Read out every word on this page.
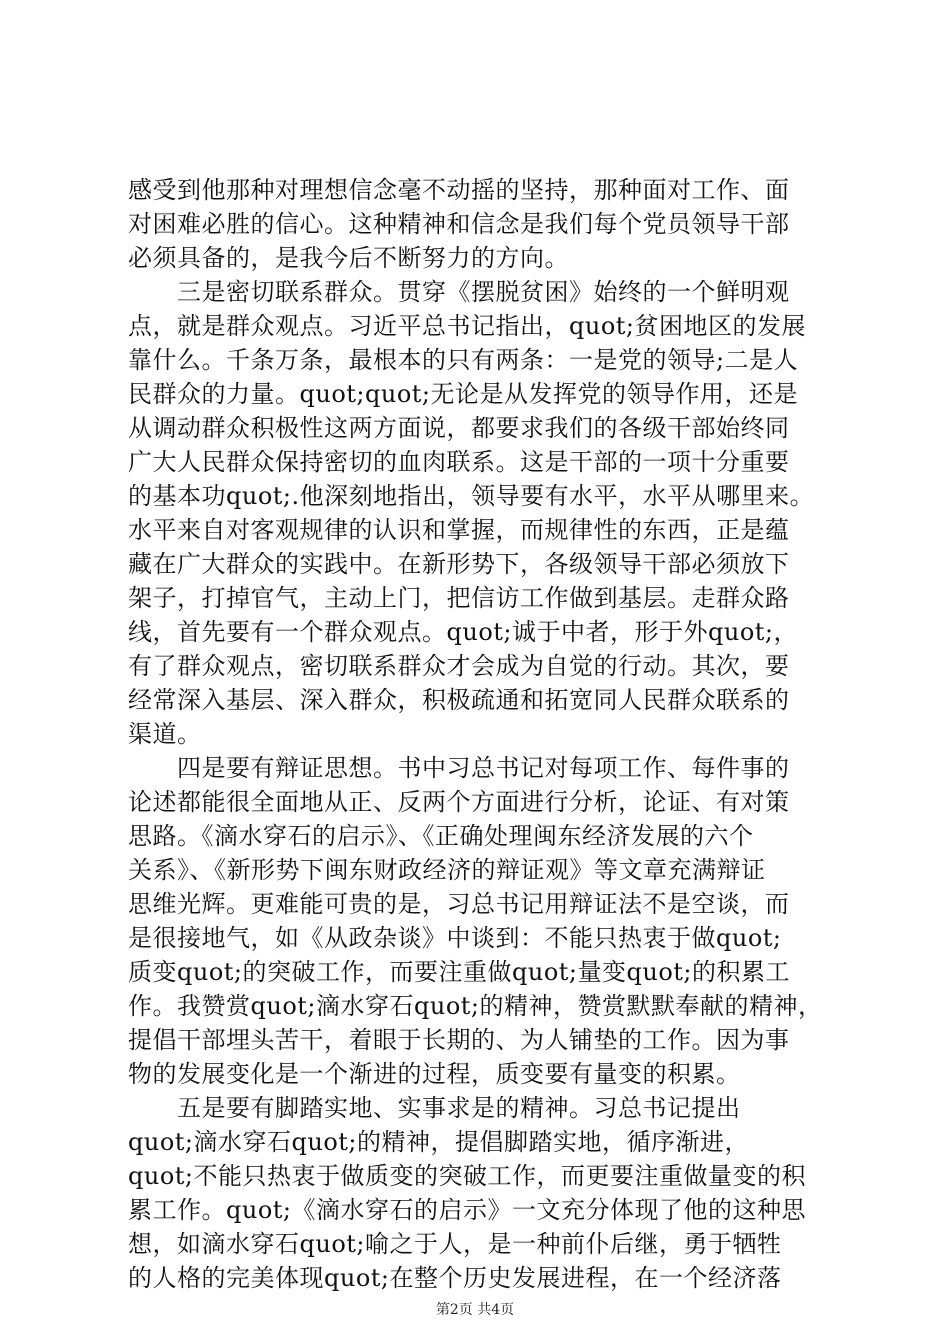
感受到他那种对理想信念毫不动摇的坚持，那种面对工作、面
对困难必胜的信心。这种精神和信念是我们每个党员领导干部
必须具备的，是我今后不断努力的方向。
　　三是密切联系群众。贯穿《摆脱贫困》始终的一个鲜明观
点，就是群众观点。习近平总书记指出，quot;贫困地区的发展
靠什么。千条万条，最根本的只有两条：一是党的领导;二是人
民群众的力量。quot;quot;无论是从发挥党的领导作用，还是
从调动群众积极性这两方面说，都要求我们的各级干部始终同
广大人民群众保持密切的血肉联系。这是干部的一项十分重要
的基本功quot;.他深刻地指出，领导要有水平，水平从哪里来。
水平来自对客观规律的认识和掌握，而规律性的东西，正是蕴
藏在广大群众的实践中。在新形势下，各级领导干部必须放下
架子，打掉官气，主动上门，把信访工作做到基层。走群众路
线，首先要有一个群众观点。quot;诚于中者，形于外quot;，
有了群众观点，密切联系群众才会成为自觉的行动。其次，要
经常深入基层、深入群众，积极疏通和拓宽同人民群众联系的
渠道。
　　四是要有辩证思想。书中习总书记对每项工作、每件事的
论述都能很全面地从正、反两个方面进行分析，论证、有对策
思路。《滴水穿石的启示》、《正确处理闽东经济发展的六个
关系》、《新形势下闽东财政经济的辩证观》等文章充满辩证
思维光辉。更难能可贵的是，习总书记用辩证法不是空谈，而
是很接地气，如《从政杂谈》中谈到：不能只热衷于做quot;
质变quot;的突破工作，而要注重做quot;量变quot;的积累工
作。我赞赏quot;滴水穿石quot;的精神，赞赏默默奉献的精神，
提倡干部埋头苦干，着眼于长期的、为人铺垫的工作。因为事
物的发展变化是一个渐进的过程，质变要有量变的积累。
　　五是要有脚踏实地、实事求是的精神。习总书记提出
quot;滴水穿石quot;的精神，提倡脚踏实地，循序渐进，
quot;不能只热衷于做质变的突破工作，而更要注重做量变的积
累工作。quot;《滴水穿石的启示》一文充分体现了他的这种思
想，如滴水穿石quot;喻之于人，是一种前仆后继，勇于牺牲
的人格的完美体现quot;在整个历史发展进程，在一个经济落
第2页 共4页
